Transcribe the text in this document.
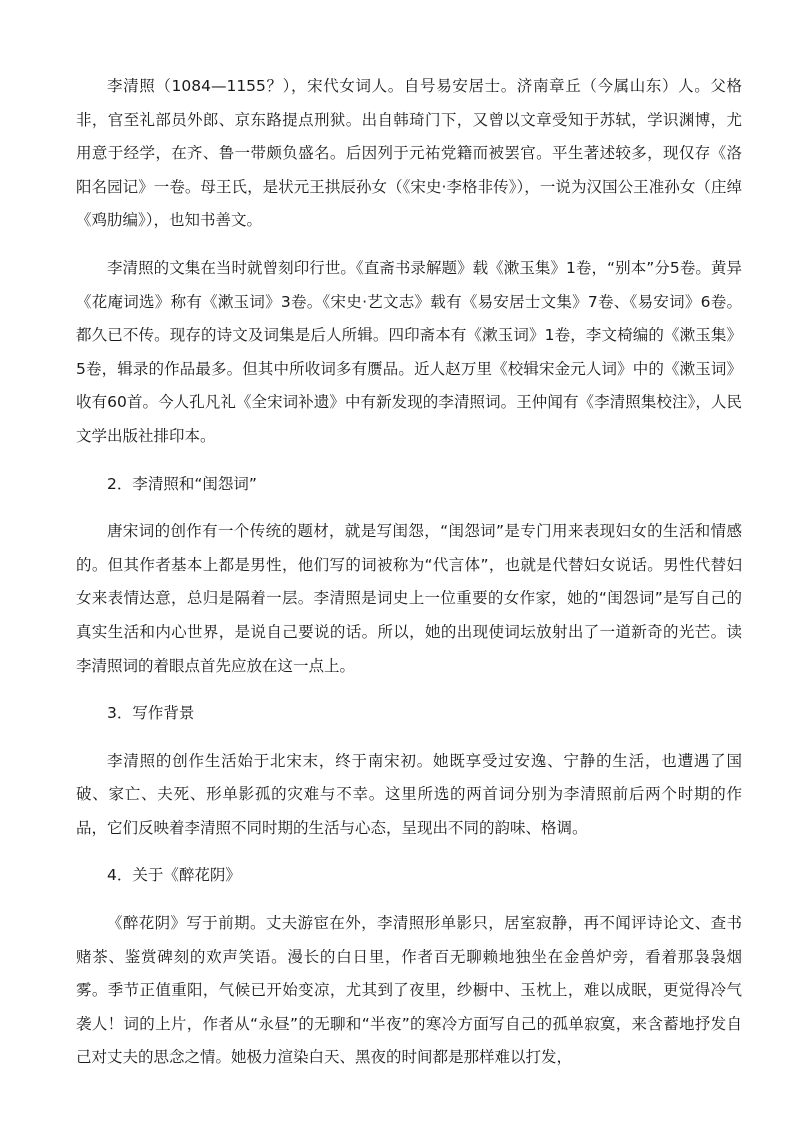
李清照（1084—1155？），宋代女词人。自号易安居士。济南章丘（今属山东）人。父格非，官至礼部员外郎、京东路提点刑狱。出自韩琦门下，又曾以文章受知于苏轼，学识渊博，尤用意于经学，在齐、鲁一带颇负盛名。后因列于元祐党籍而被罢官。平生著述较多，现仅存《洛阳名园记》一卷。母王氏，是状元王拱辰孙女（《宋史·李格非传》），一说为汉国公王准孙女（庄绰《鸡肋编》），也知书善文。

李清照的文集在当时就曾刻印行世。《直斋书录解题》载《漱玉集》1卷，“别本”分5卷。黄异《花庵词选》称有《漱玉词》3卷。《宋史·艺文志》载有《易安居士文集》7卷、《易安词》6卷。都久已不传。现存的诗文及词集是后人所辑。四印斋本有《漱玉词》1卷，李文椅编的《漱玉集》5卷，辑录的作品最多。但其中所收词多有赝品。近人赵万里《校辑宋金元人词》中的《漱玉词》收有60首。今人孔凡礼《全宋词补遗》中有新发现的李清照词。王仲闻有《李清照集校注》，人民文学出版社排印本。

2．李清照和“闺怨词”

唐宋词的创作有一个传统的题材，就是写闺怨，“闺怨词”是专门用来表现妇女的生活和情感的。但其作者基本上都是男性，他们写的词被称为“代言体”，也就是代替妇女说话。男性代替妇女来表情达意，总归是隔着一层。李清照是词史上一位重要的女作家，她的“闺怨词”是写自己的真实生活和内心世界，是说自己要说的话。所以，她的出现使词坛放射出了一道新奇的光芒。读李清照词的着眼点首先应放在这一点上。

3．写作背景

李清照的创作生活始于北宋末，终于南宋初。她既享受过安逸、宁静的生活，也遭遇了国破、家亡、夫死、形单影孤的灾难与不幸。这里所选的两首词分别为李清照前后两个时期的作品，它们反映着李清照不同时期的生活与心态，呈现出不同的韵味、格调。

4．关于《醉花阴》

《醉花阴》写于前期。丈夫游宦在外，李清照形单影只，居室寂静，再不闻评诗论文、查书赌茶、鉴赏碑刻的欢声笑语。漫长的白日里，作者百无聊赖地独坐在金兽炉旁，看着那袅袅烟雾。季节正值重阳，气候已开始变凉，尤其到了夜里，纱橱中、玉枕上，难以成眠，更觉得冷气袭人！词的上片，作者从“永昼”的无聊和“半夜”的寒冷方面写自己的孤单寂寞，来含蓄地抒发自己对丈夫的思念之情。她极力渲染白天、黑夜的时间都是那样难以打发，
